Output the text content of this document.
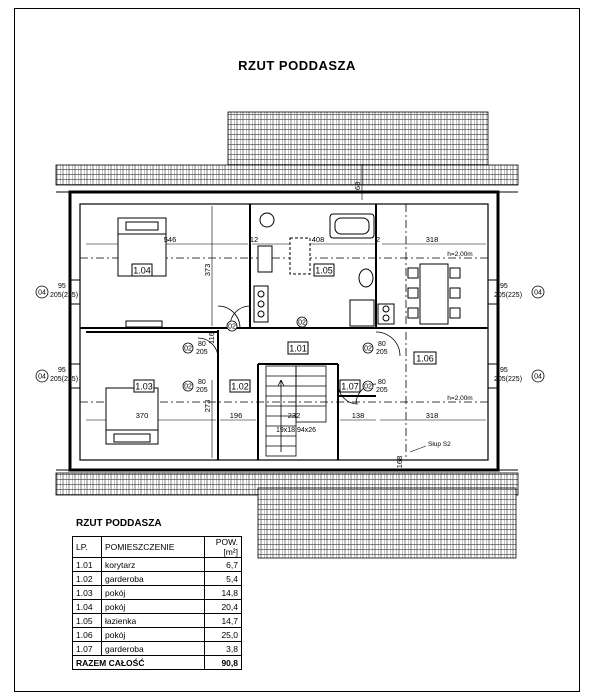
RZUT PODDASZA
1.04	1.05
1.01
1.06
1.03	1.02	1.07
546	408	318
2
12
370	196	138	318
h=2,00m
h=2,00m
373
273
68
168
116
232
19x18,94x26
02
80
205
02
80
205
02
80
205
02
80
205
02
02
04
95
205(225)
04
95
205(225)
04
95
205(225)
04
95
205(225)
Słup S2
RZUT PODDASZA
LP.	POMIESZCZENIE	POW. [m²]
1.01	korytarz	6,7
1.02	garderoba	5,4
1.03	pokój	14,8
1.04	pokój	20,4
1.05	łazienka	14,7
1.06	pokój	25,0
1.07	garderoba	3,8
RAZEM CAŁOŚĆ		90,8
